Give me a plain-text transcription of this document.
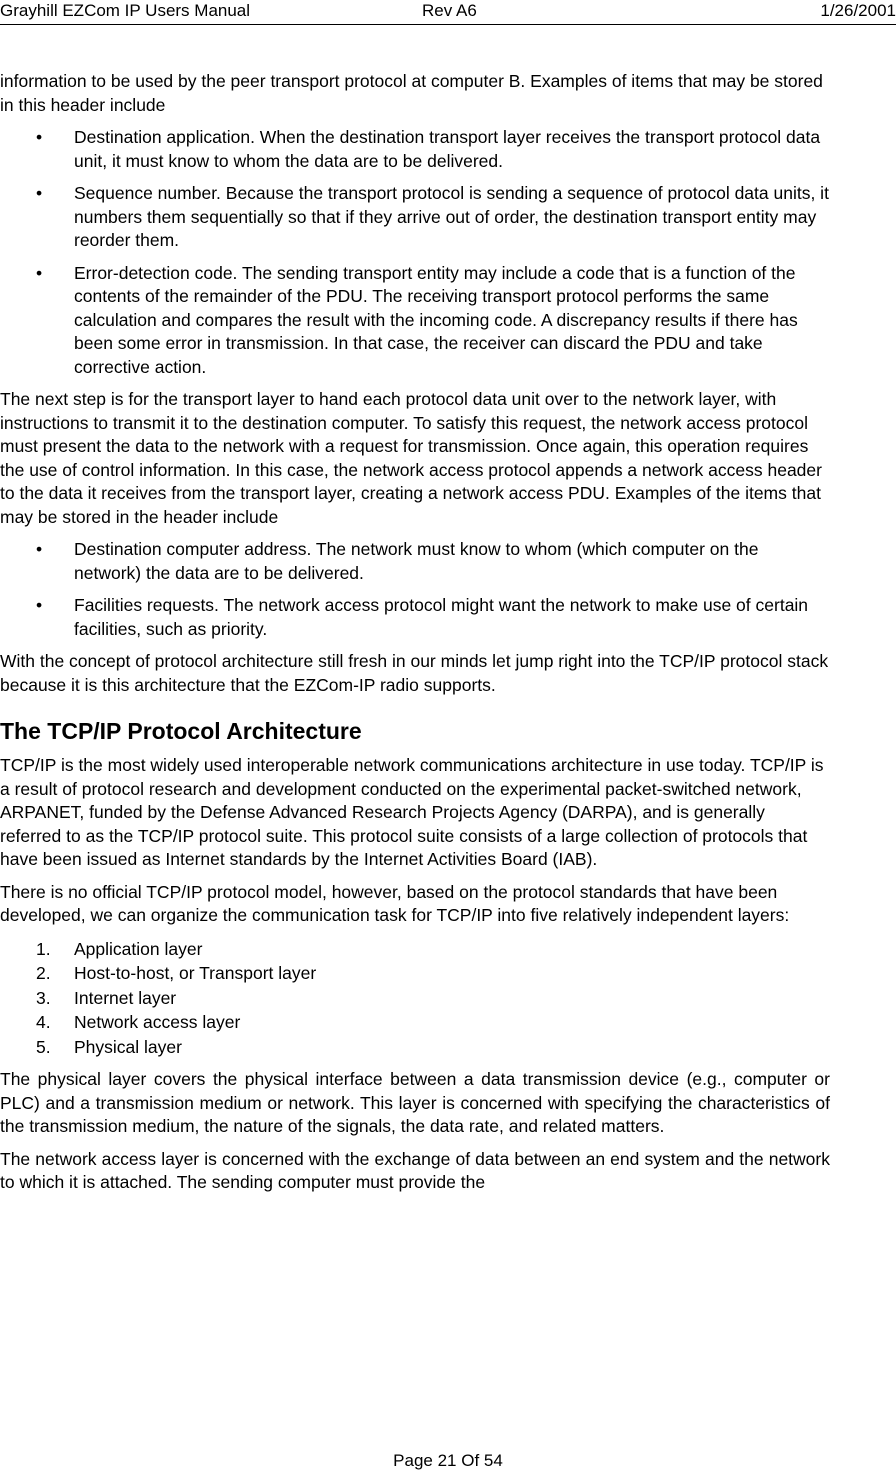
Grayhill EZCom IP Users Manual	Rev A6	1/26/2001

information to be used by the peer transport protocol at computer B. Examples of items that may be stored in this header include

• Destination application. When the destination transport layer receives the transport protocol data unit, it must know to whom the data are to be delivered.
• Sequence number. Because the transport protocol is sending a sequence of protocol data units, it numbers them sequentially so that if they arrive out of order, the destination transport entity may reorder them.
• Error-detection code. The sending transport entity may include a code that is a function of the contents of the remainder of the PDU. The receiving transport protocol performs the same calculation and compares the result with the incoming code. A discrepancy results if there has been some error in transmission. In that case, the receiver can discard the PDU and take corrective action.

The next step is for the transport layer to hand each protocol data unit over to the network layer, with instructions to transmit it to the destination computer. To satisfy this request, the network access protocol must present the data to the network with a request for transmission. Once again, this operation requires the use of control information. In this case, the network access protocol appends a network access header to the data it receives from the transport layer, creating a network access PDU. Examples of the items that may be stored in the header include

• Destination computer address. The network must know to whom (which computer on the network) the data are to be delivered.
• Facilities requests. The network access protocol might want the network to make use of certain facilities, such as priority.

With the concept of protocol architecture still fresh in our minds let jump right into the TCP/IP protocol stack because it is this architecture that the EZCom-IP radio supports.

The TCP/IP Protocol Architecture

TCP/IP is the most widely used interoperable network communications architecture in use today. TCP/IP is a result of protocol research and development conducted on the experimental packet-switched network, ARPANET, funded by the Defense Advanced Research Projects Agency (DARPA), and is generally referred to as the TCP/IP protocol suite. This protocol suite consists of a large collection of protocols that have been issued as Internet standards by the Internet Activities Board (IAB).

There is no official TCP/IP protocol model, however, based on the protocol standards that have been developed, we can organize the communication task for TCP/IP into five relatively independent layers:

1. Application layer
2. Host-to-host, or Transport layer
3. Internet layer
4. Network access layer
5. Physical layer

The physical layer covers the physical interface between a data transmission device (e.g., computer or PLC) and a transmission medium or network. This layer is concerned with specifying the characteristics of the transmission medium, the nature of the signals, the data rate, and related matters.

The network access layer is concerned with the exchange of data between an end system and the network to which it is attached. The sending computer must provide the

Page 21 Of 54
